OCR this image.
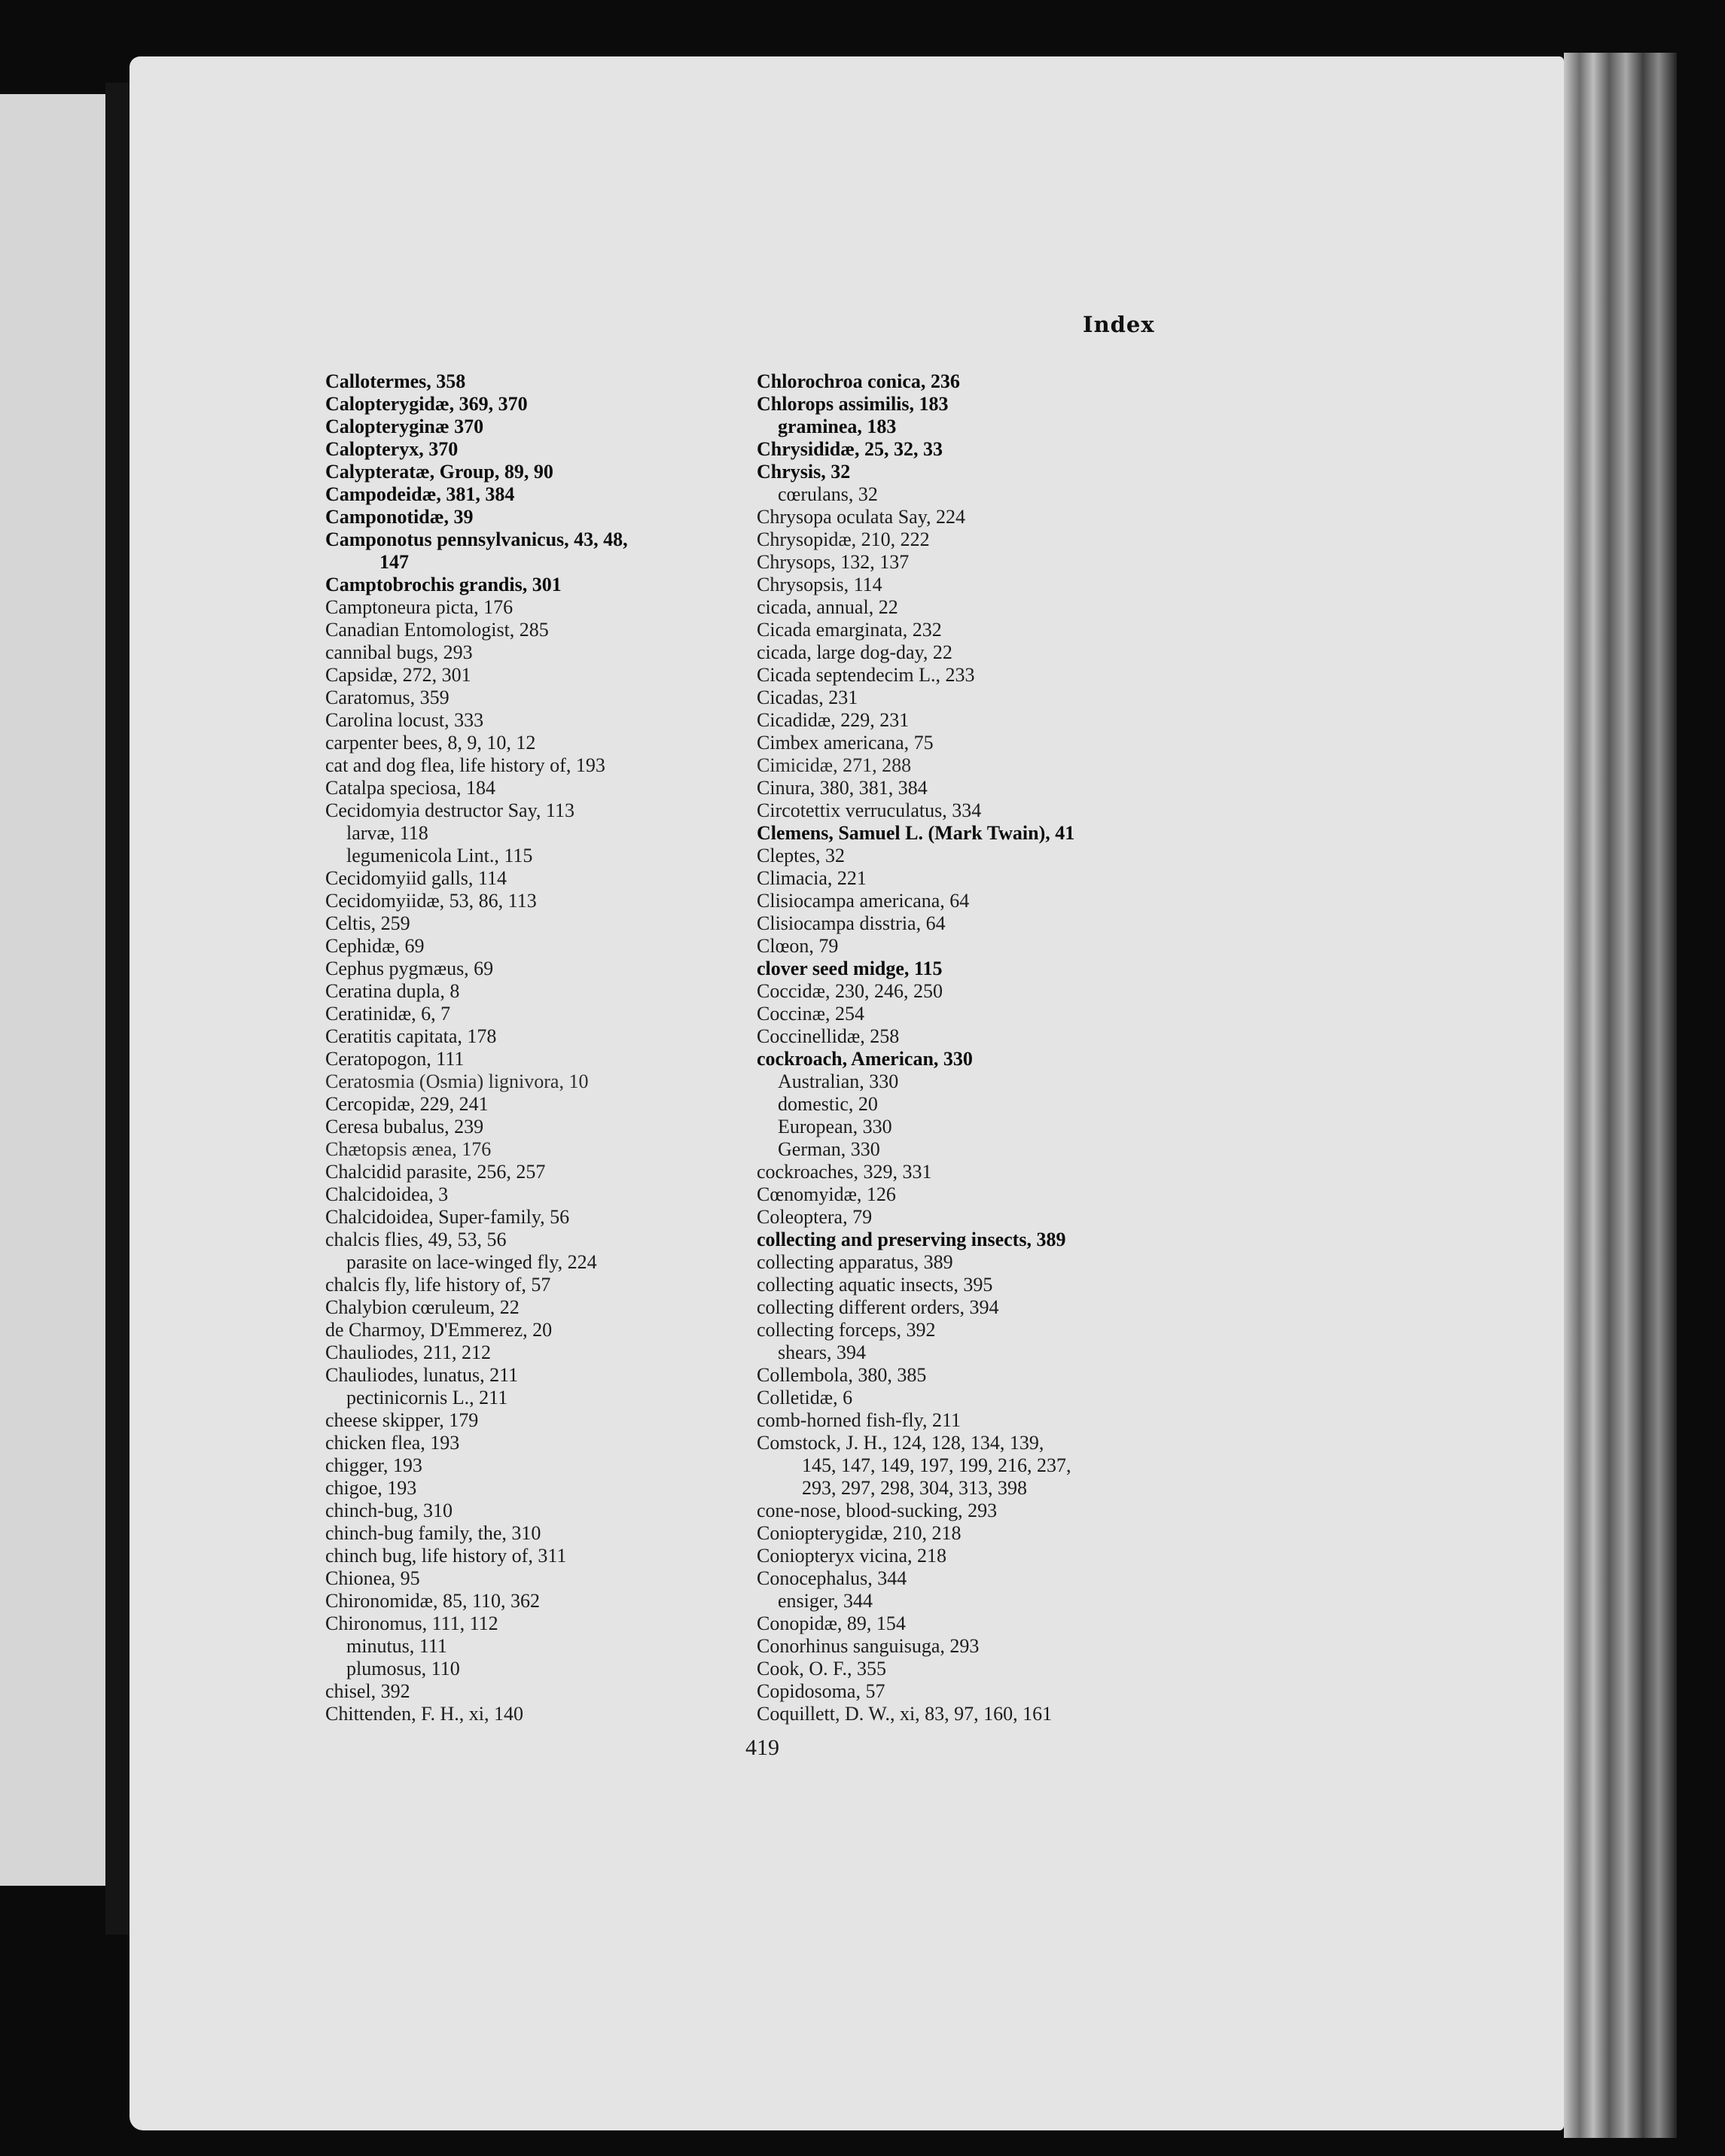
Index
Callotermes, 358
Calopterygidæ, 369, 370
Calopteryginæ 370
Calopteryx, 370
Calypteratæ, Group, 89, 90
Campodeidæ, 381, 384
Camponotidæ, 39
Camponotus pennsylvanicus, 43, 48,
147
Camptobrochis grandis, 301
Camptoneura picta, 176
Canadian Entomologist, 285
cannibal bugs, 293
Capsidæ, 272, 301
Caratomus, 359
Carolina locust, 333
carpenter bees, 8, 9, 10, 12
cat and dog flea, life history of, 193
Catalpa speciosa, 184
Cecidomyia destructor Say, 113
larvæ, 118
legumenicola Lint., 115
Cecidomyiid galls, 114
Cecidomyiidæ, 53, 86, 113
Celtis, 259
Cephidæ, 69
Cephus pygmæus, 69
Ceratina dupla, 8
Ceratinidæ, 6, 7
Ceratitis capitata, 178
Ceratopogon, 111
Ceratosmia (Osmia) lignivora, 10
Cercopidæ, 229, 241
Ceresa bubalus, 239
Chætopsis ænea, 176
Chalcidid parasite, 256, 257
Chalcidoidea, 3
Chalcidoidea, Super-family, 56
chalcis flies, 49, 53, 56
parasite on lace-winged fly, 224
chalcis fly, life history of, 57
Chalybion cœruleum, 22
de Charmoy, D'Emmerez, 20
Chauliodes, 211, 212
Chauliodes, lunatus, 211
pectinicornis L., 211
cheese skipper, 179
chicken flea, 193
chigger, 193
chigoe, 193
chinch-bug, 310
chinch-bug family, the, 310
chinch bug, life history of, 311
Chionea, 95
Chironomidæ, 85, 110, 362
Chironomus, 111, 112
minutus, 111
plumosus, 110
chisel, 392
Chittenden, F. H., xi, 140
Chlorochroa conica, 236
Chlorops assimilis, 183
graminea, 183
Chrysididæ, 25, 32, 33
Chrysis, 32
cœrulans, 32
Chrysopa oculata Say, 224
Chrysopidæ, 210, 222
Chrysops, 132, 137
Chrysopsis, 114
cicada, annual, 22
Cicada emarginata, 232
cicada, large dog-day, 22
Cicada septendecim L., 233
Cicadas, 231
Cicadidæ, 229, 231
Cimbex americana, 75
Cimicidæ, 271, 288
Cinura, 380, 381, 384
Circotettix verruculatus, 334
Clemens, Samuel L. (Mark Twain), 41
Cleptes, 32
Climacia, 221
Clisiocampa americana, 64
Clisiocampa disstria, 64
Clœon, 79
clover seed midge, 115
Coccidæ, 230, 246, 250
Coccinæ, 254
Coccinellidæ, 258
cockroach, American, 330
Australian, 330
domestic, 20
European, 330
German, 330
cockroaches, 329, 331
Cœnomyidæ, 126
Coleoptera, 79
collecting and preserving insects, 389
collecting apparatus, 389
collecting aquatic insects, 395
collecting different orders, 394
collecting forceps, 392
shears, 394
Collembola, 380, 385
Colletidæ, 6
comb-horned fish-fly, 211
Comstock, J. H., 124, 128, 134, 139,
145, 147, 149, 197, 199, 216, 237,
293, 297, 298, 304, 313, 398
cone-nose, blood-sucking, 293
Coniopterygidæ, 210, 218
Coniopteryx vicina, 218
Conocephalus, 344
ensiger, 344
Conopidæ, 89, 154
Conorhinus sanguisuga, 293
Cook, O. F., 355
Copidosoma, 57
Coquillett, D. W., xi, 83, 97, 160, 161
419
